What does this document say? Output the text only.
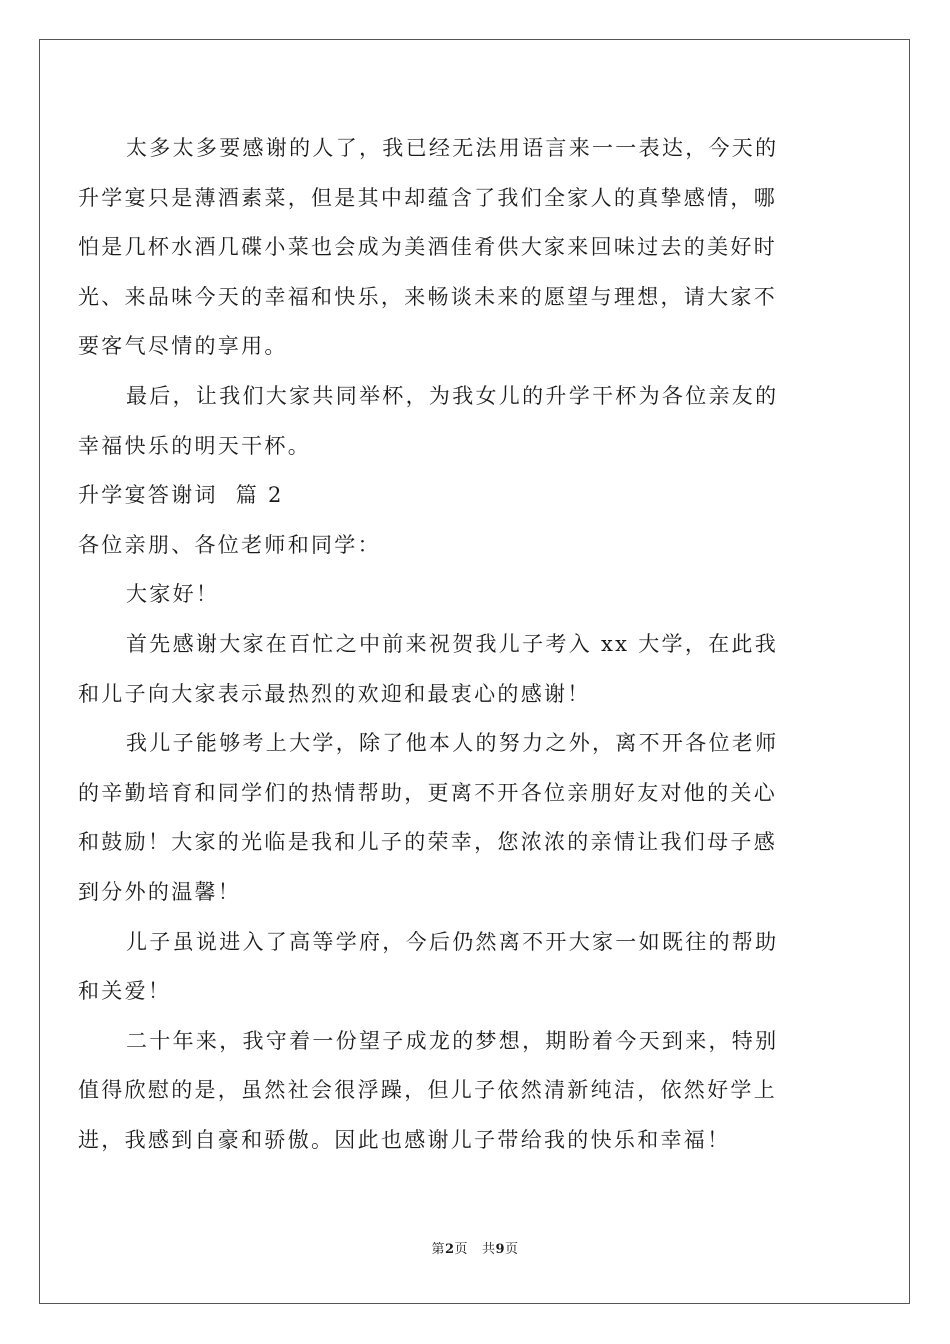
太多太多要感谢的人了，我已经无法用语言来一一表达，今天的

升学宴只是薄酒素菜，但是其中却蕴含了我们全家人的真挚感情，哪

怕是几杯水酒几碟小菜也会成为美酒佳肴供大家来回味过去的美好时

光、来品味今天的幸福和快乐，来畅谈未来的愿望与理想，请大家不

要客气尽情的享用。

最后，让我们大家共同举杯，为我女儿的升学干杯为各位亲友的

幸福快乐的明天干杯。

升学宴答谢词  篇 2

各位亲朋、各位老师和同学：

大家好！

首先感谢大家在百忙之中前来祝贺我儿子考入 xx 大学，在此我

和儿子向大家表示最热烈的欢迎和最衷心的感谢！

我儿子能够考上大学，除了他本人的努力之外，离不开各位老师

的辛勤培育和同学们的热情帮助，更离不开各位亲朋好友对他的关心

和鼓励！大家的光临是我和儿子的荣幸，您浓浓的亲情让我们母子感

到分外的温馨！

儿子虽说进入了高等学府，今后仍然离不开大家一如既往的帮助

和关爱！

二十年来，我守着一份望子成龙的梦想，期盼着今天到来，特别

值得欣慰的是，虽然社会很浮躁，但儿子依然清新纯洁，依然好学上

进，我感到自豪和骄傲。因此也感谢儿子带给我的快乐和幸福！

第2页   共9页
